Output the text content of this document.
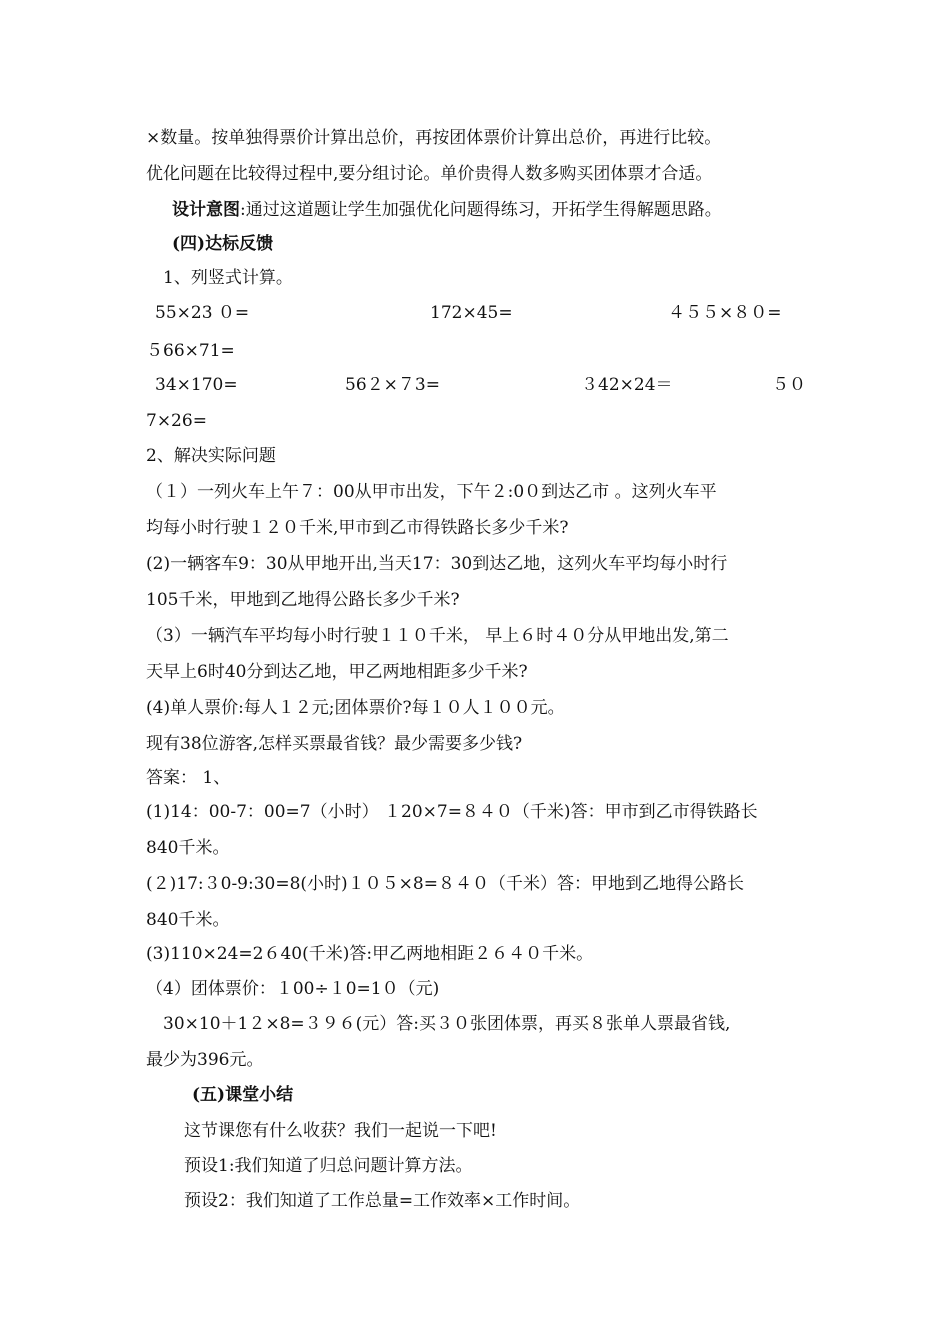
×数量。按单独得票价计算出总价，再按团体票价计算出总价，再进行比较。
优化问题在比较得过程中,要分组讨论。单价贵得人数多购买团体票才合适。
设计意图:通过这道题让学生加强优化问题得练习，开拓学生得解题思路。
(四)达标反馈
1、列竖式计算。
55×23 ０=	172×45=	４５５×８０=
５66×71=
34×170=	56２×７3=	３42×24＝	５０
7×26=
2、解决实际问题
（１）一列火车上午７：00从甲市出发，下午２:0０到达乙市 。这列火车平
均每小时行驶１２０千米,甲市到乙市得铁路长多少千米?
(2)一辆客车9：30从甲地开出,当天17：30到达乙地，这列火车平均每小时行
105千米，甲地到乙地得公路长多少千米?
（3）一辆汽车平均每小时行驶１１０千米， 早上６时４０分从甲地出发,第二
天早上6时40分到达乙地，甲乙两地相距多少千米?
(4)单人票价:每人１２元;团体票价?每１０人１００元。
现有38位游客,怎样买票最省钱？最少需要多少钱?
答案： 1、
(1)14：00-7：00=7（小时） １20×7=８４０（千米)答：甲市到乙市得铁路长
840千米。
(２)17:３0-9:30=8(小时)１０５×8=８４０（千米）答：甲地到乙地得公路长
840千米。
(3)110×24=2６40(千米)答:甲乙两地相距２６４０千米。
（4）团体票价：１00÷１0=1０（元)
30×10＋1２×8=３９６(元）答:买３０张团体票，再买８张单人票最省钱,
最少为396元。
(五)课堂小结
这节课您有什么收获？我们一起说一下吧!
预设1:我们知道了归总问题计算方法。
预设2：我们知道了工作总量=工作效率×工作时间。
